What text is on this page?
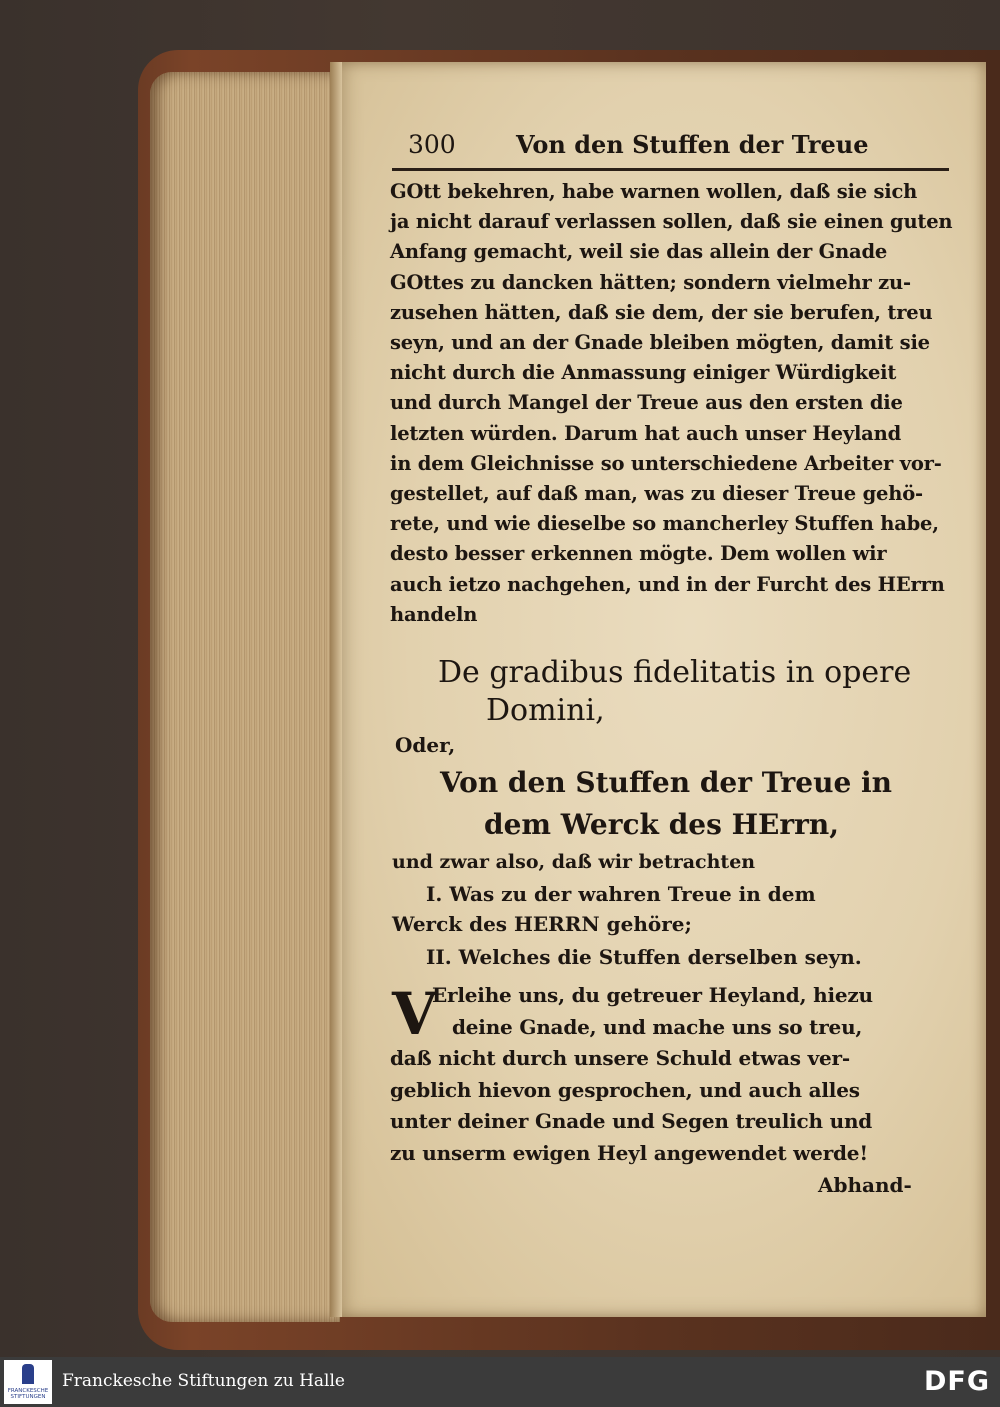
300	Von den Stuffen der Treue
GOtt bekehren, habe warnen wollen, daß sie sich
ja nicht darauf verlassen sollen, daß sie einen guten
Anfang gemacht, weil sie das allein der Gnade
GOttes zu dancken hätten; sondern vielmehr zu-
zusehen hätten, daß sie dem, der sie berufen, treu
seyn, und an der Gnade bleiben mögten, damit sie
nicht durch die Anmassung einiger Würdigkeit
und durch Mangel der Treue aus den ersten die
letzten würden. Darum hat auch unser Heyland
in dem Gleichnisse so unterschiedene Arbeiter vor-
gestellet, auf daß man, was zu dieser Treue gehö-
rete, und wie dieselbe so mancherley Stuffen habe,
desto besser erkennen mögte. Dem wollen wir
auch ietzo nachgehen, und in der Furcht des HErrn
handeln
De gradibus fidelitatis in opere
Domini,
Oder,
Von den Stuffen der Treue in
dem Werck des HErrn,
und zwar also, daß wir betrachten
I. Was zu der wahren Treue in dem
Werck des HERRN gehöre;
II. Welches die Stuffen derselben seyn.
V
Erleihe uns, du getreuer Heyland, hiezu
deine Gnade, und mache uns so treu,
daß nicht durch unsere Schuld etwas ver-
geblich hievon gesprochen, und auch alles
unter deiner Gnade und Segen treulich und
zu unserm ewigen Heyl angewendet werde!
Abhand-
FRANCKESCHE STIFTUNGEN
Franckesche Stiftungen zu Halle	DFG
